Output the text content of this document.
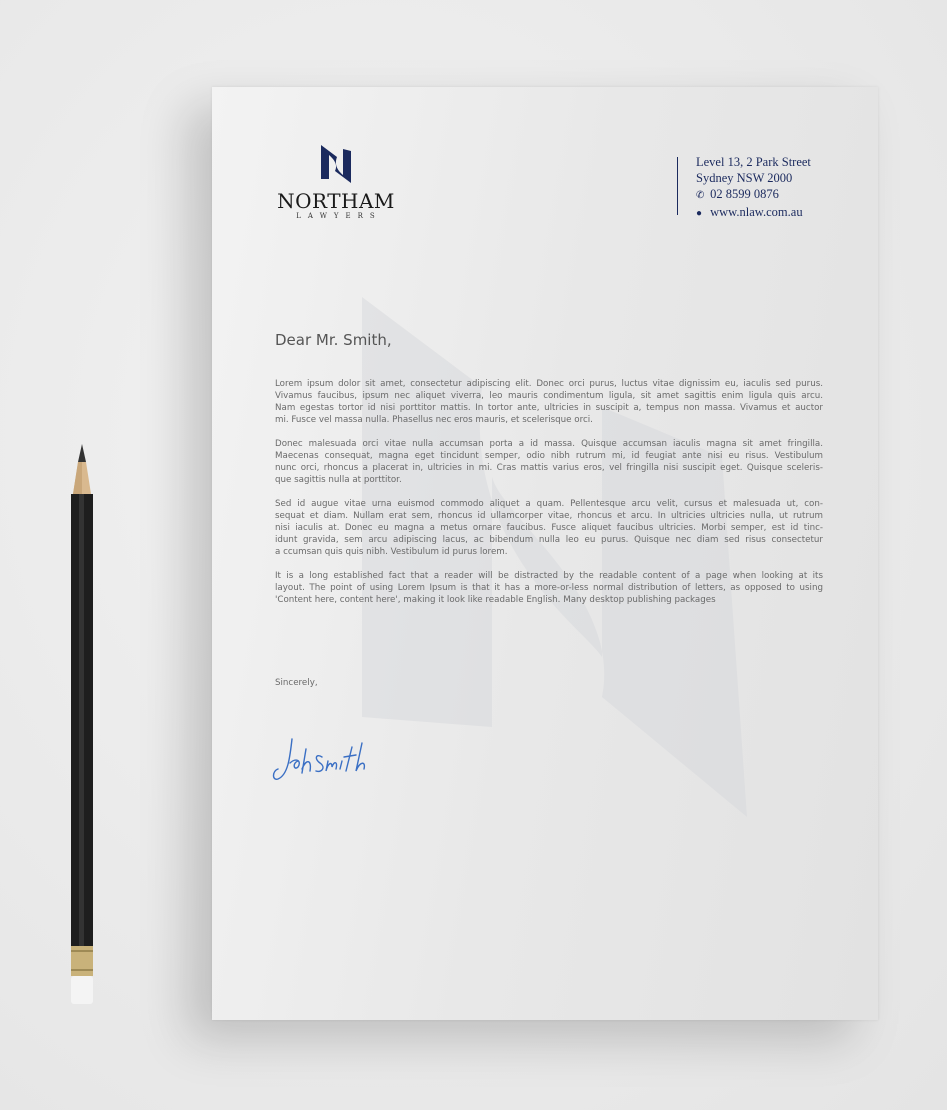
NORTHAM
LAWYERS
Level 13, 2 Park Street
Sydney NSW 2000
✆ 02 8599 0876
● www.nlaw.com.au
Dear Mr. Smith,
Lorem ipsum dolor sit amet, consectetur adipiscing elit. Donec orci purus, luctus vitae dignissim eu, iaculis sed purus.
Vivamus faucibus, ipsum nec aliquet viverra, leo mauris condimentum ligula, sit amet sagittis enim ligula quis arcu.
Nam egestas tortor id nisi porttitor mattis. In tortor ante, ultricies in suscipit a, tempus non massa. Vivamus et auctor
mi. Fusce vel massa nulla. Phasellus nec eros mauris, et scelerisque orci.
Donec malesuada orci vitae nulla accumsan porta a id massa. Quisque accumsan iaculis magna sit amet fringilla.
Maecenas consequat, magna eget tincidunt semper, odio nibh rutrum mi, id feugiat ante nisi eu risus. Vestibulum
nunc orci, rhoncus a placerat in, ultricies in mi. Cras mattis varius eros, vel fringilla nisi suscipit eget. Quisque sceleris-
que sagittis nulla at porttitor.
Sed id augue vitae urna euismod commodo aliquet a quam. Pellentesque arcu velit, cursus et malesuada ut, con-
sequat et diam. Nullam erat sem, rhoncus id ullamcorper vitae, rhoncus et arcu. In ultricies ultricies nulla, ut rutrum
nisi iaculis at. Donec eu magna a metus ornare faucibus. Fusce aliquet faucibus ultricies. Morbi semper, est id tinc-
idunt gravida, sem arcu adipiscing lacus, ac bibendum nulla leo eu purus. Quisque nec diam sed risus consectetur
a ccumsan quis quis nibh. Vestibulum id purus lorem.
It is a long established fact that a reader will be distracted by the readable content of a page when looking at its
layout. The point of using Lorem Ipsum is that it has a more-or-less normal distribution of letters, as opposed to using
'Content here, content here', making it look like readable English. Many desktop publishing packages
Sincerely,
